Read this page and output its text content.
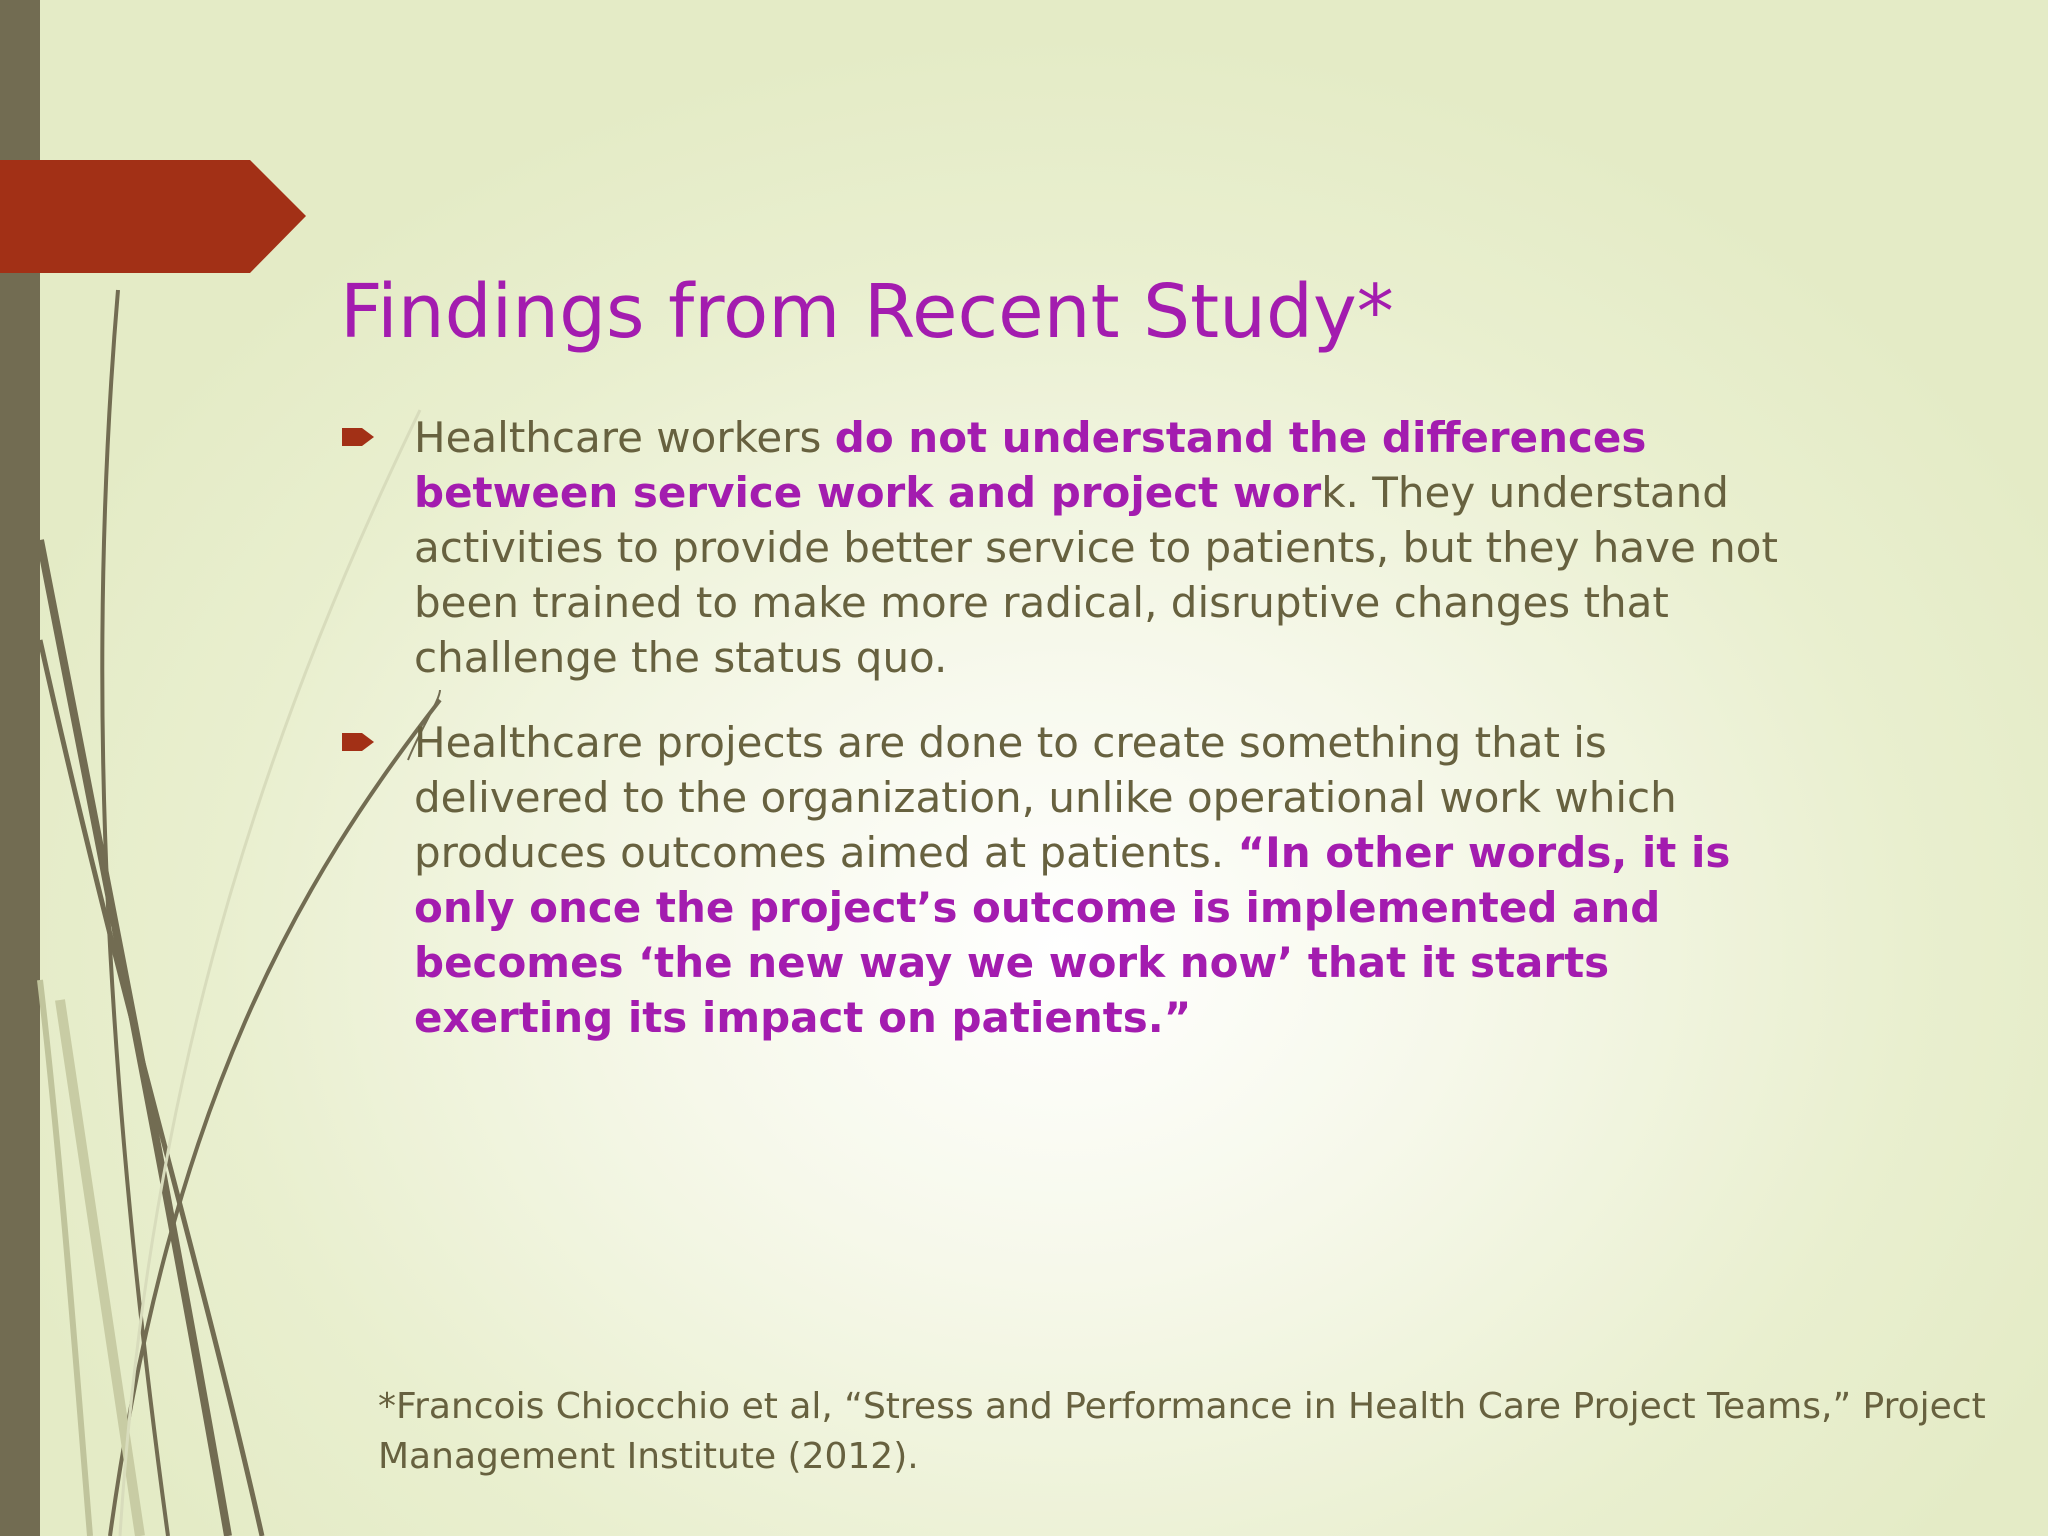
Findings from Recent Study*
Healthcare workers do not understand the differences between service work and project work. They understand activities to provide better service to patients, but they have not been trained to make more radical, disruptive changes that challenge the status quo.
Healthcare projects are done to create something that is delivered to the organization, unlike operational work which produces outcomes aimed at patients. “In other words, it is only once the project’s outcome is implemented and becomes ‘the new way we work now’ that it starts exerting its impact on patients.”

*Francois Chiocchio et al, “Stress and Performance in Health Care Project Teams,” Project Management Institute (2012).
